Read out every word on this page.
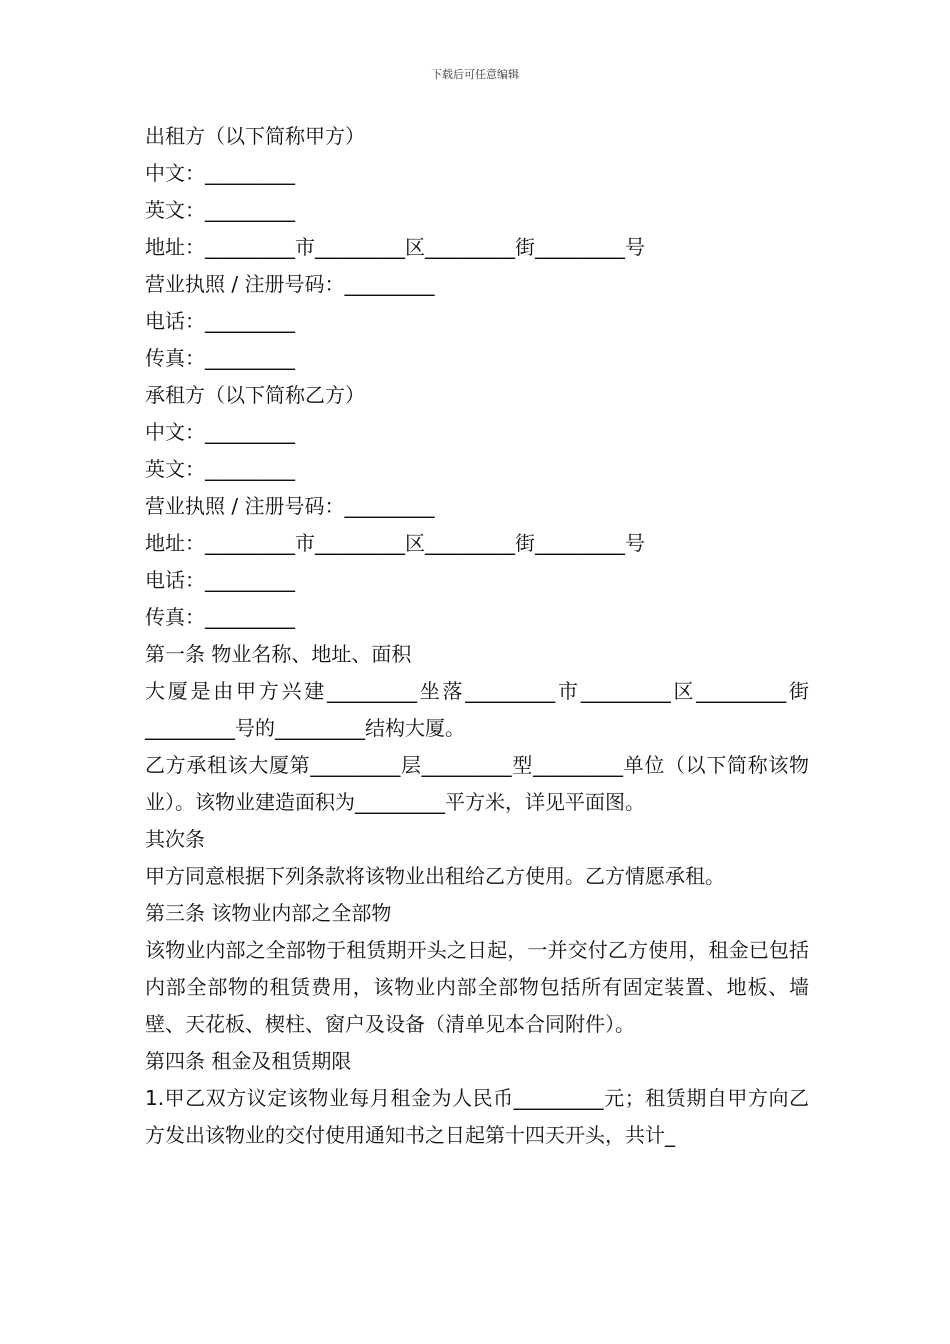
下载后可任意编辑
出租方（以下简称甲方）
中文：_________
英文：_________
地址：_________市_________区_________街_________号
营业执照 / 注册号码：_________
电话：_________
传真：_________
承租方（以下简称乙方）
中文：_________
英文：_________
营业执照 / 注册号码：_________
地址：_________市_________区_________街_________号
电话：_________
传真：_________
第一条 物业名称、地址、面积
大厦是由甲方兴建_________坐落_________市_________区_________街_________号的_________结构大厦。
乙方承租该大厦第_________层_________型_________单位（以下简称该物业）。该物业建造面积为_________平方米，详见平面图。
其次条
甲方同意根据下列条款将该物业出租给乙方使用。乙方情愿承租。
第三条 该物业内部之全部物
该物业内部之全部物于租赁期开头之日起，一并交付乙方使用，租金已包括内部全部物的租赁费用，该物业内部全部物包括所有固定装置、地板、墙壁、天花板、楔柱、窗户及设备（清单见本合同附件）。
第四条 租金及租赁期限
1.甲乙双方议定该物业每月租金为人民币_________元；租赁期自甲方向乙方发出该物业的交付使用通知书之日起第十四天开头，共计_
